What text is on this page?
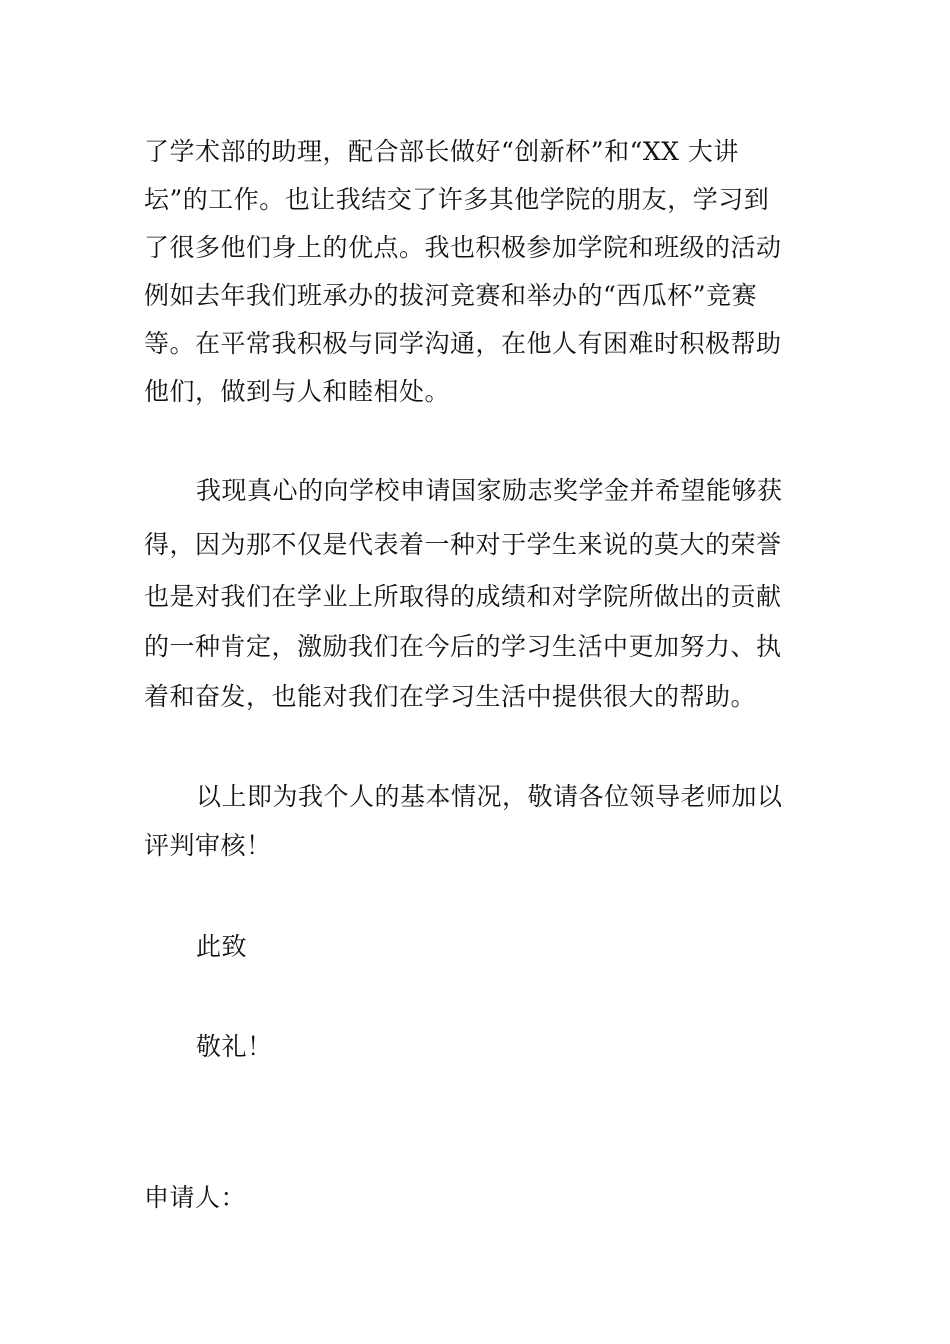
了学术部的助理，配合部长做好“创新杯”和“XX 大讲
坛”的工作。也让我结交了许多其他学院的朋友，学习到
了很多他们身上的优点。我也积极参加学院和班级的活动
例如去年我们班承办的拔河竞赛和举办的“西瓜杯”竞赛
等。在平常我积极与同学沟通，在他人有困难时积极帮助
他们，做到与人和睦相处。
我现真心的向学校申请国家励志奖学金并希望能够获
得，因为那不仅是代表着一种对于学生来说的莫大的荣誉
也是对我们在学业上所取得的成绩和对学院所做出的贡献
的一种肯定，激励我们在今后的学习生活中更加努力、执
着和奋发，也能对我们在学习生活中提供很大的帮助。
以上即为我个人的基本情况，敬请各位领导老师加以
评判审核！
此致
敬礼！
申请人：
